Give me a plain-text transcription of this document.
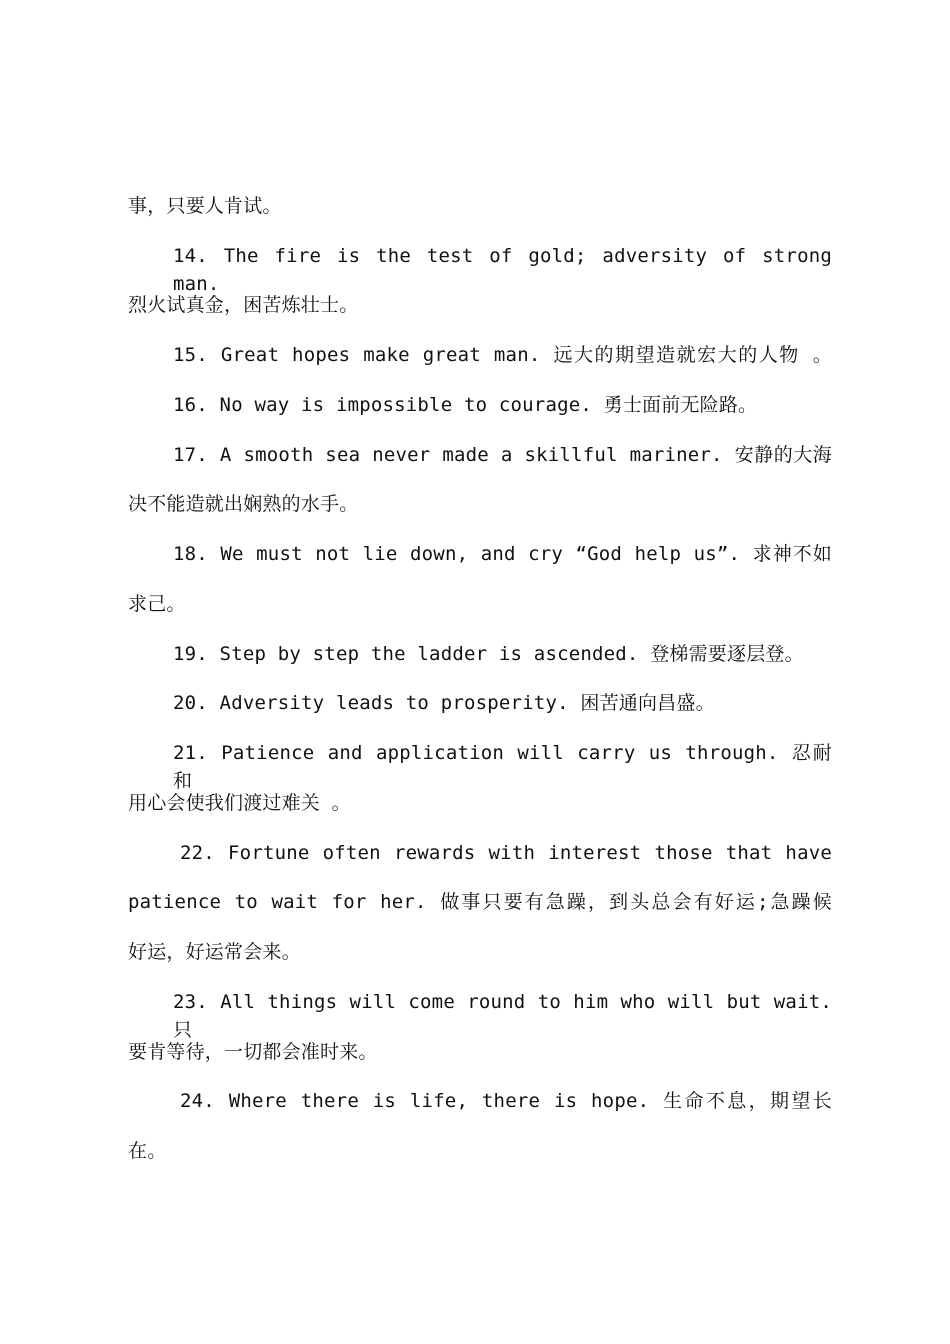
事，只要人肯试。
14. The fire is the test of gold; adversity of strong man.
烈火试真金，困苦炼壮士。
15. Great hopes make great man. 远大的期望造就宏大的人物 。
16. No way is impossible to courage. 勇士面前无险路。
17. A smooth sea never made a skillful mariner. 安静的大海
决不能造就出娴熟的水手。
18. We must not lie down, and cry “God help us”. 求神不如
求己。
19. Step by step the ladder is ascended. 登梯需要逐层登。
20. Adversity leads to prosperity. 困苦通向昌盛。
21. Patience and application will carry us through. 忍耐和
用心会使我们渡过难关 。
22. Fortune often rewards with interest those that have
patience to wait for her. 做事只要有急躁，到头总会有好运;急躁候
好运，好运常会来。
23. All things will come round to him who will but wait. 只
要肯等待，一切都会准时来。
24. Where there is life, there is hope. 生命不息，期望长
在。
